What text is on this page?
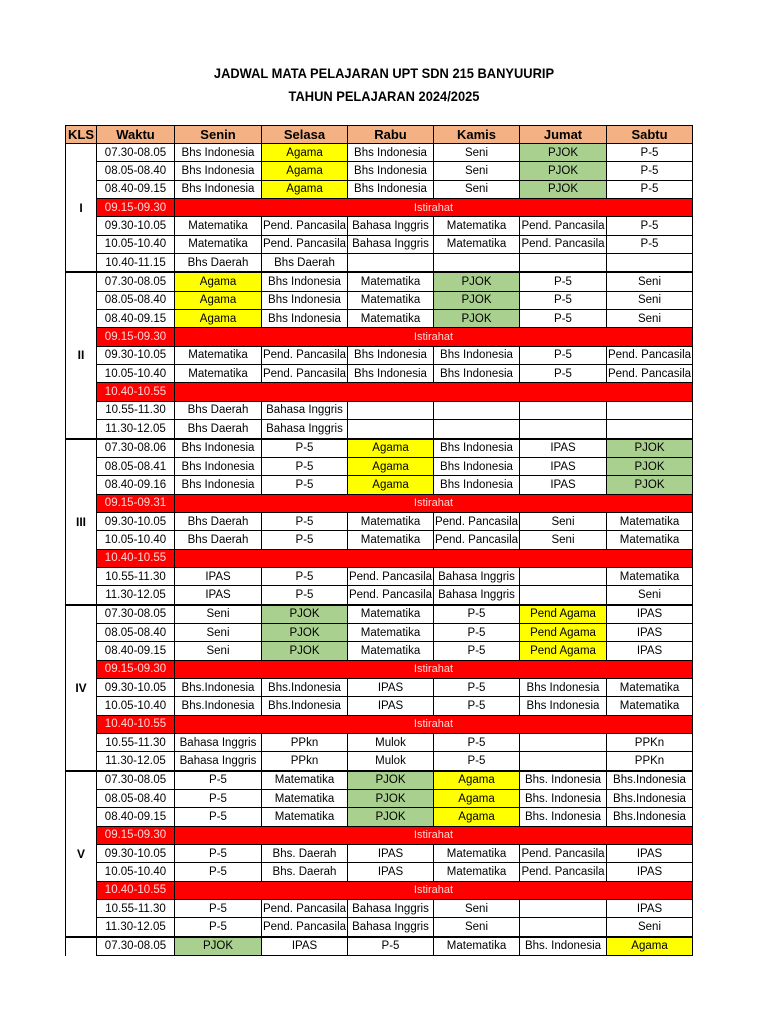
JADWAL MATA PELAJARAN UPT SDN 215 BANYUURIP
TAHUN PELAJARAN 2024/2025
KLS	Waktu	Senin	Selasa	Rabu	Kamis	Jumat	Sabtu
I	07.30-08.05	Bhs Indonesia	Agama	Bhs Indonesia	Seni	PJOK	P-5
	08.05-08.40	Bhs Indonesia	Agama	Bhs Indonesia	Seni	PJOK	P-5
	08.40-09.15	Bhs Indonesia	Agama	Bhs Indonesia	Seni	PJOK	P-5
	09.15-09.30	Istirahat					
	09.30-10.05	Matematika	Pend. Pancasila	Bahasa Inggris	Matematika	Pend. Pancasila	P-5
	10.05-10.40	Matematika	Pend. Pancasila	Bahasa Inggris	Matematika	Pend. Pancasila	P-5
	10.40-11.15	Bhs Daerah	Bhs Daerah				
II	07.30-08.05	Agama	Bhs Indonesia	Matematika	PJOK	P-5	Seni
	08.05-08.40	Agama	Bhs Indonesia	Matematika	PJOK	P-5	Seni
	08.40-09.15	Agama	Bhs Indonesia	Matematika	PJOK	P-5	Seni
	09.15-09.30	Istirahat					
	09.30-10.05	Matematika	Pend. Pancasila	Bhs Indonesia	Bhs Indonesia	P-5	Pend. Pancasila
	10.05-10.40	Matematika	Pend. Pancasila	Bhs Indonesia	Bhs Indonesia	P-5	Pend. Pancasila
	10.40-10.55						
	10.55-11.30	Bhs Daerah	Bahasa Inggris				
	11.30-12.05	Bhs Daerah	Bahasa Inggris				
III	07.30-08.06	Bhs Indonesia	P-5	Agama	Bhs Indonesia	IPAS	PJOK
	08.05-08.41	Bhs Indonesia	P-5	Agama	Bhs Indonesia	IPAS	PJOK
	08.40-09.16	Bhs Indonesia	P-5	Agama	Bhs Indonesia	IPAS	PJOK
	09.15-09.31	Istirahat					
	09.30-10.05	Bhs Daerah	P-5	Matematika	Pend. Pancasila	Seni	Matematika
	10.05-10.40	Bhs Daerah	P-5	Matematika	Pend. Pancasila	Seni	Matematika
	10.40-10.55						
	10.55-11.30	IPAS	P-5	Pend. Pancasila	Bahasa Inggris		Matematika
	11.30-12.05	IPAS	P-5	Pend. Pancasila	Bahasa Inggris		Seni
IV	07.30-08.05	Seni	PJOK	Matematika	P-5	Pend Agama	IPAS
	08.05-08.40	Seni	PJOK	Matematika	P-5	Pend Agama	IPAS
	08.40-09.15	Seni	PJOK	Matematika	P-5	Pend Agama	IPAS
	09.15-09.30	Istirahat					
	09.30-10.05	Bhs.Indonesia	Bhs.Indonesia	IPAS	P-5	Bhs Indonesia	Matematika
	10.05-10.40	Bhs.Indonesia	Bhs.Indonesia	IPAS	P-5	Bhs Indonesia	Matematika
	10.40-10.55	Istirahat					
	10.55-11.30	Bahasa Inggris	PPkn	Mulok	P-5		PPKn
	11.30-12.05	Bahasa Inggris	PPkn	Mulok	P-5		PPKn
V	07.30-08.05	P-5	Matematika	PJOK	Agama	Bhs. Indonesia	Bhs.Indonesia
	08.05-08.40	P-5	Matematika	PJOK	Agama	Bhs. Indonesia	Bhs.Indonesia
	08.40-09.15	P-5	Matematika	PJOK	Agama	Bhs. Indonesia	Bhs.Indonesia
	09.15-09.30	Istirahat					
	09.30-10.05	P-5	Bhs. Daerah	IPAS	Matematika	Pend. Pancasila	IPAS
	10.05-10.40	P-5	Bhs. Daerah	IPAS	Matematika	Pend. Pancasila	IPAS
	10.40-10.55	Istirahat					
	10.55-11.30	P-5	Pend. Pancasila	Bahasa Inggris	Seni		IPAS
	11.30-12.05	P-5	Pend. Pancasila	Bahasa Inggris	Seni		Seni
	07.30-08.05	PJOK	IPAS	P-5	Matematika	Bhs. Indonesia	Agama
